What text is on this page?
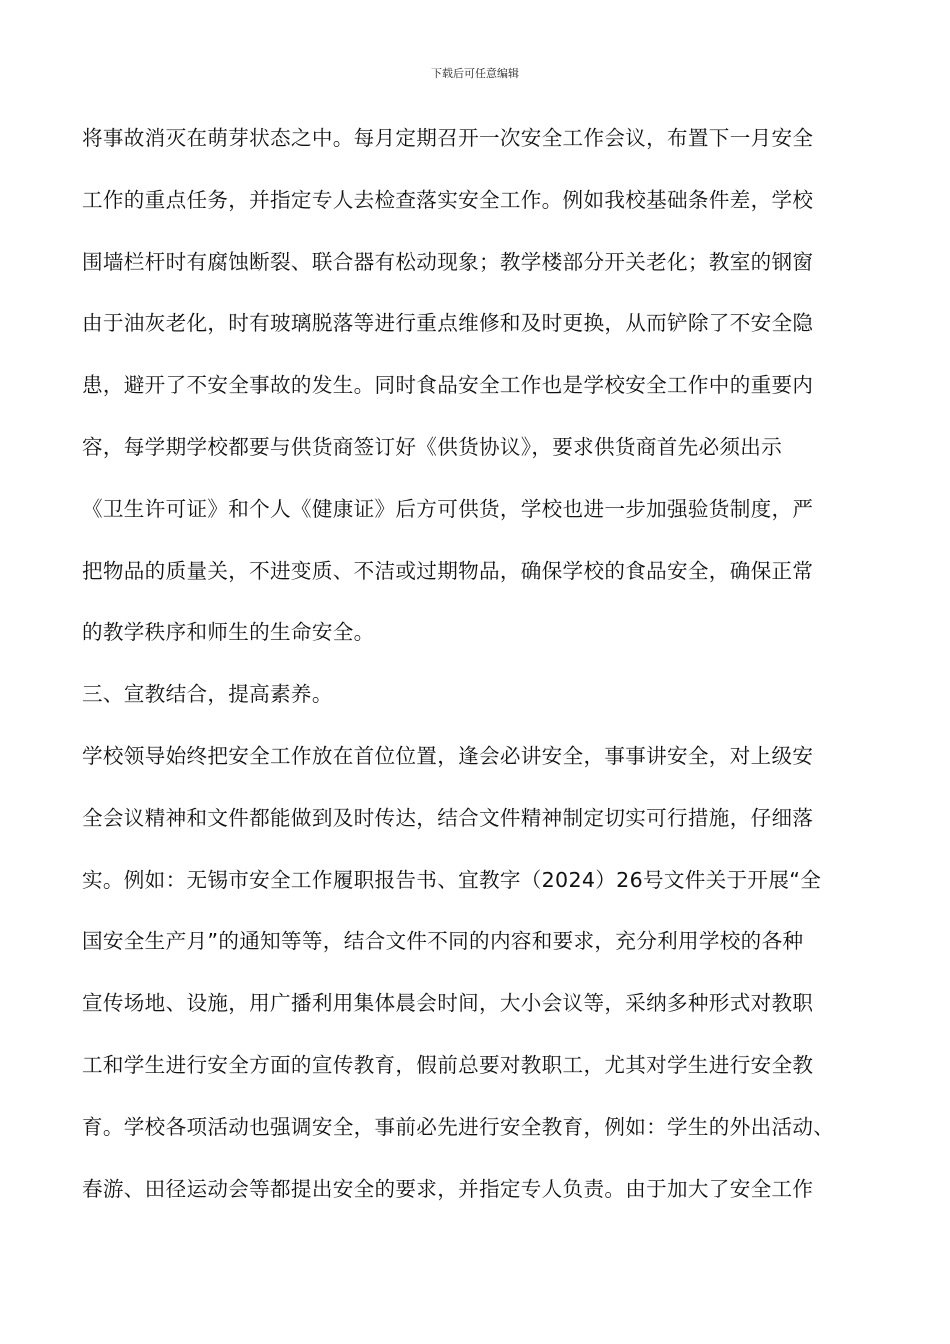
下载后可任意编辑
将事故消灭在萌芽状态之中。每月定期召开一次安全工作会议，布置下一月安全
工作的重点任务，并指定专人去检查落实安全工作。例如我校基础条件差，学校
围墙栏杆时有腐蚀断裂、联合器有松动现象；教学楼部分开关老化；教室的钢窗
由于油灰老化，时有玻璃脱落等进行重点维修和及时更换，从而铲除了不安全隐
患，避开了不安全事故的发生。同时食品安全工作也是学校安全工作中的重要内
容，每学期学校都要与供货商签订好《供货协议》，要求供货商首先必须出示
《卫生许可证》和个人《健康证》后方可供货，学校也进一步加强验货制度，严
把物品的质量关，不进变质、不洁或过期物品，确保学校的食品安全，确保正常
的教学秩序和师生的生命安全。
三、宣教结合，提高素养。
学校领导始终把安全工作放在首位位置，逢会必讲安全，事事讲安全，对上级安
全会议精神和文件都能做到及时传达，结合文件精神制定切实可行措施，仔细落
实。例如：无锡市安全工作履职报告书、宜教字（2024）26号文件关于开展“全
国安全生产月”的通知等等，结合文件不同的内容和要求，充分利用学校的各种
宣传场地、设施，用广播利用集体晨会时间，大小会议等，采纳多种形式对教职
工和学生进行安全方面的宣传教育，假前总要对教职工，尤其对学生进行安全教
育。学校各项活动也强调安全，事前必先进行安全教育，例如：学生的外出活动、
春游、田径运动会等都提出安全的要求，并指定专人负责。由于加大了安全工作
